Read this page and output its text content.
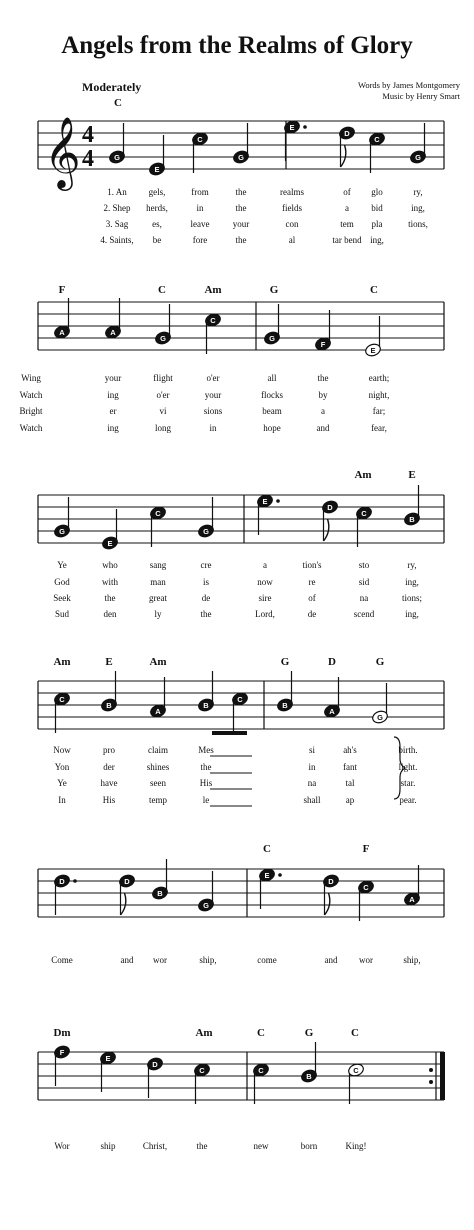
Angels from the Realms of Glory
Words by James Montgomery
Music by Henry Smart
Moderately
𝄞 4
4	G
E
C
G
E
D
C
G
A	A
G
C
G
F
E
G
E
C
G
E
D
C
B
C
B
A
B
C
B
A
G
D	D
B
G
E
D
C
A
F
E
D
C	C
B
C
C
1. An gels,	from	the	realms	of glo	ry,
2. Shep herds,	in	the	fields	a bid	ing,
3. Sag	es,	leave	your	con	tem pla	tions,
4. Saints, be	fore	the	al	tar bend ing,
F	C	Am	G	C
Wing	your	flight	o'er	all	the	earth;
Watch	ing	o'er	your	flocks	by	night,
Bright	er	vi	sions	beam	a	far;
Watch	ing	long	in	hope	and	fear,
Am	E
Ye	who	sang	cre	a	tion's	sto	ry,
God	with	man	is	now	re	sid	ing,
Seek	the	great	de	sire	of	na	tions;
Sud	den	ly	the	Lord,	de	scend	ing,
Am	E	Am	G	D	G
Now	pro	claim	Mes	si	ah's	birth.
Yon	der	shines	the	in	fant	light.
Ye	have	seen	His	na	tal	star.
In	His	temp	le	shall	ap	pear.
C	F
Come	and wor	ship,	come	and wor	ship,
Dm	Am	C	G	C
Wor	ship	Christ,	the	new	born	King!
